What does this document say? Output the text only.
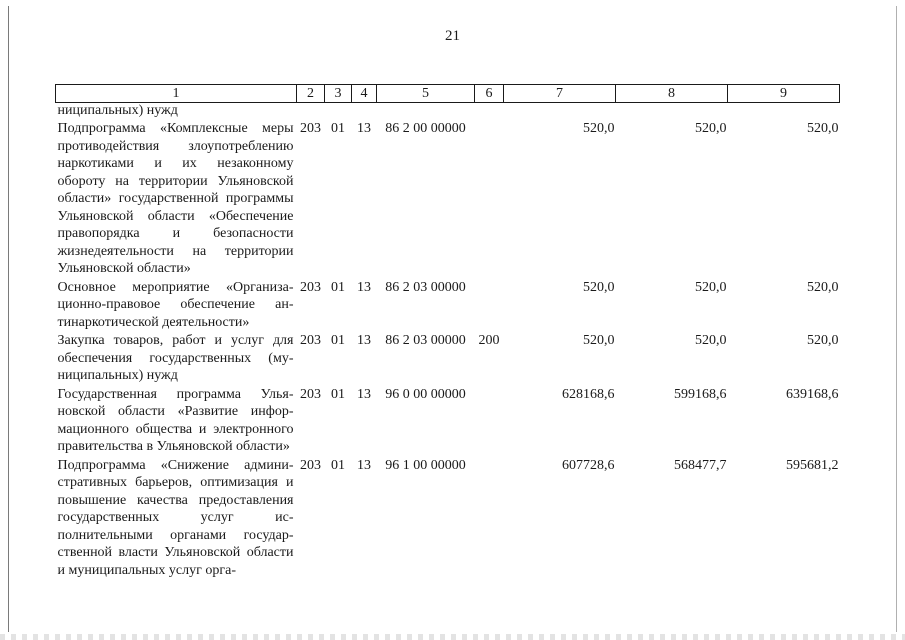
21
1	2	3	4	5	6	7	8	9
ниципальных) нужд								
Подпрограмма «Комплексные меры противодействия злоупотреблению наркотиками и их незаконному обороту на территории Ульяновской области» государственной программы Ульяновской области «Обеспечение правопорядка и безопасности жизнедеятельности на территории Ульяновской области»	203	01	13	86 2 00 00000		520,0	520,0	520,0
Основное мероприятие «Организационно-правовое обеспечение антинаркотической деятельности»	203	01	13	86 2 03 00000		520,0	520,0	520,0
Закупка товаров, работ и услуг для обеспечения государственных (муниципальных) нужд	203	01	13	86 2 03 00000	200	520,0	520,0	520,0
Государственная программа Ульяновской области «Развитие информационного общества и электронного правительства в Ульяновской области»	203	01	13	96 0 00 00000		628168,6	599168,6	639168,6
Подпрограмма «Снижение административных барьеров, оптимизация и повышение качества предоставления государственных услуг исполнительными органами государственной власти Ульяновской области и муниципальных услуг орга-	203	01	13	96 1 00 00000		607728,6	568477,7	595681,2
